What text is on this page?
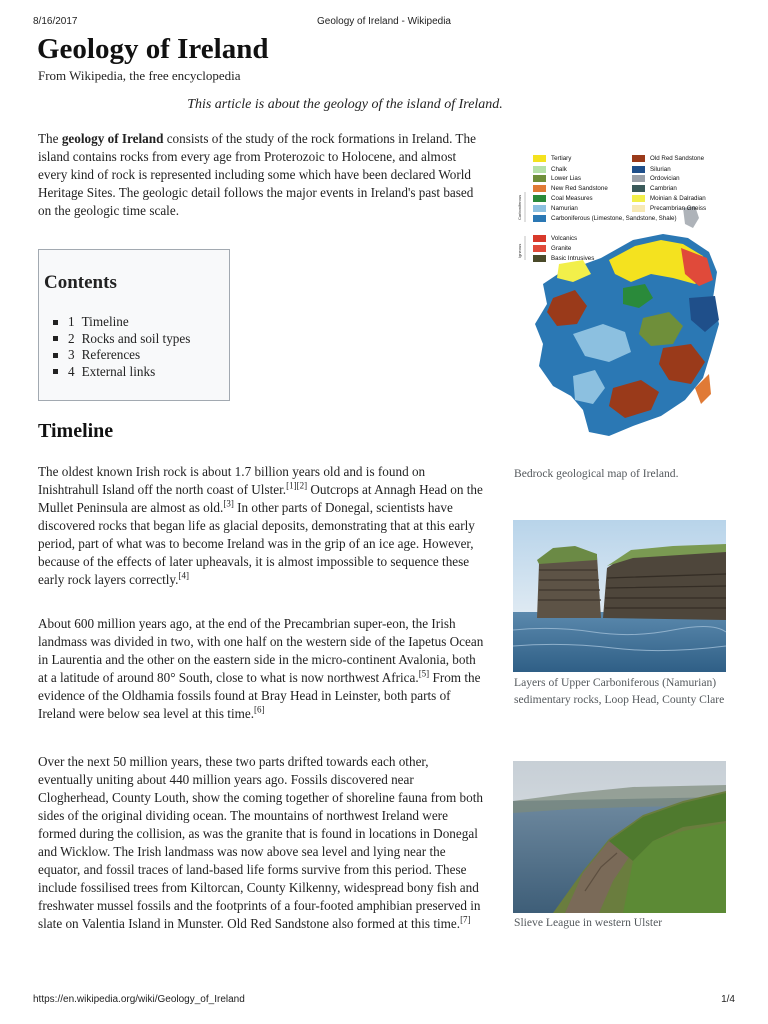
8/16/2017	Geology of Ireland - Wikipedia
Geology of Ireland
From Wikipedia, the free encyclopedia
This article is about the geology of the island of Ireland.

The geology of Ireland consists of the study of the rock formations in Ireland. The island contains rocks from every age from Proterozoic to Holocene, and almost every kind of rock is represented including some which have been declared World Heritage Sites. The geologic detail follows the major events in Ireland's past based on the geologic time scale.

Contents
1 Timeline
2 Rocks and soil types
3 References
4 External links
Timeline

The oldest known Irish rock is about 1.7 billion years old and is found on Inishtrahull Island off the north coast of Ulster.[1][2] Outcrops at Annagh Head on the Mullet Peninsula are almost as old.[3] In other parts of Donegal, scientists have discovered rocks that began life as glacial deposits, demonstrating that at this early period, part of what was to become Ireland was in the grip of an ice age. However, because of the effects of later upheavals, it is almost impossible to sequence these early rock layers correctly.[4]

About 600 million years ago, at the end of the Precambrian super-eon, the Irish landmass was divided in two, with one half on the western side of the Iapetus Ocean in Laurentia and the other on the eastern side in the micro-continent Avalonia, both at a latitude of around 80° South, close to what is now northwest Africa.[5] From the evidence of the Oldhamia fossils found at Bray Head in Leinster, both parts of Ireland were below sea level at this time.[6]

Over the next 50 million years, these two parts drifted towards each other, eventually uniting about 440 million years ago. Fossils discovered near Clogherhead, County Louth, show the coming together of shoreline fauna from both sides of the original dividing ocean. The mountains of northwest Ireland were formed during the collision, as was the granite that is found in locations in Donegal and Wicklow. The Irish landmass was now above sea level and lying near the equator, and fossil traces of land-based life forms survive from this period. These include fossilised trees from Kiltorcan, County Kilkenny, widespread bony fish and freshwater mussel fossils and the footprints of a four-footed amphibian preserved in slate on Valentia Island in Munster. Old Red Sandstone also formed at this time.[7]

Carboniferous
Igneous
Tertiary
Chalk
Lower Lias
New Red Sandstone
Coal Measures
Namurian
Carboniferous (Limestone, Sandstone, Shale)
Volcanics
Granite
Basic Intrusives
Old Red Sandstone
Silurian
Ordovician
Cambrian
Moinian & Dalradian
Precambrian Gneiss
Bedrock geological map of Ireland.
Layers of Upper Carboniferous (Namurian) sedimentary rocks, Loop Head, County Clare
Slieve League in western Ulster
https://en.wikipedia.org/wiki/Geology_of_Ireland	1/4
